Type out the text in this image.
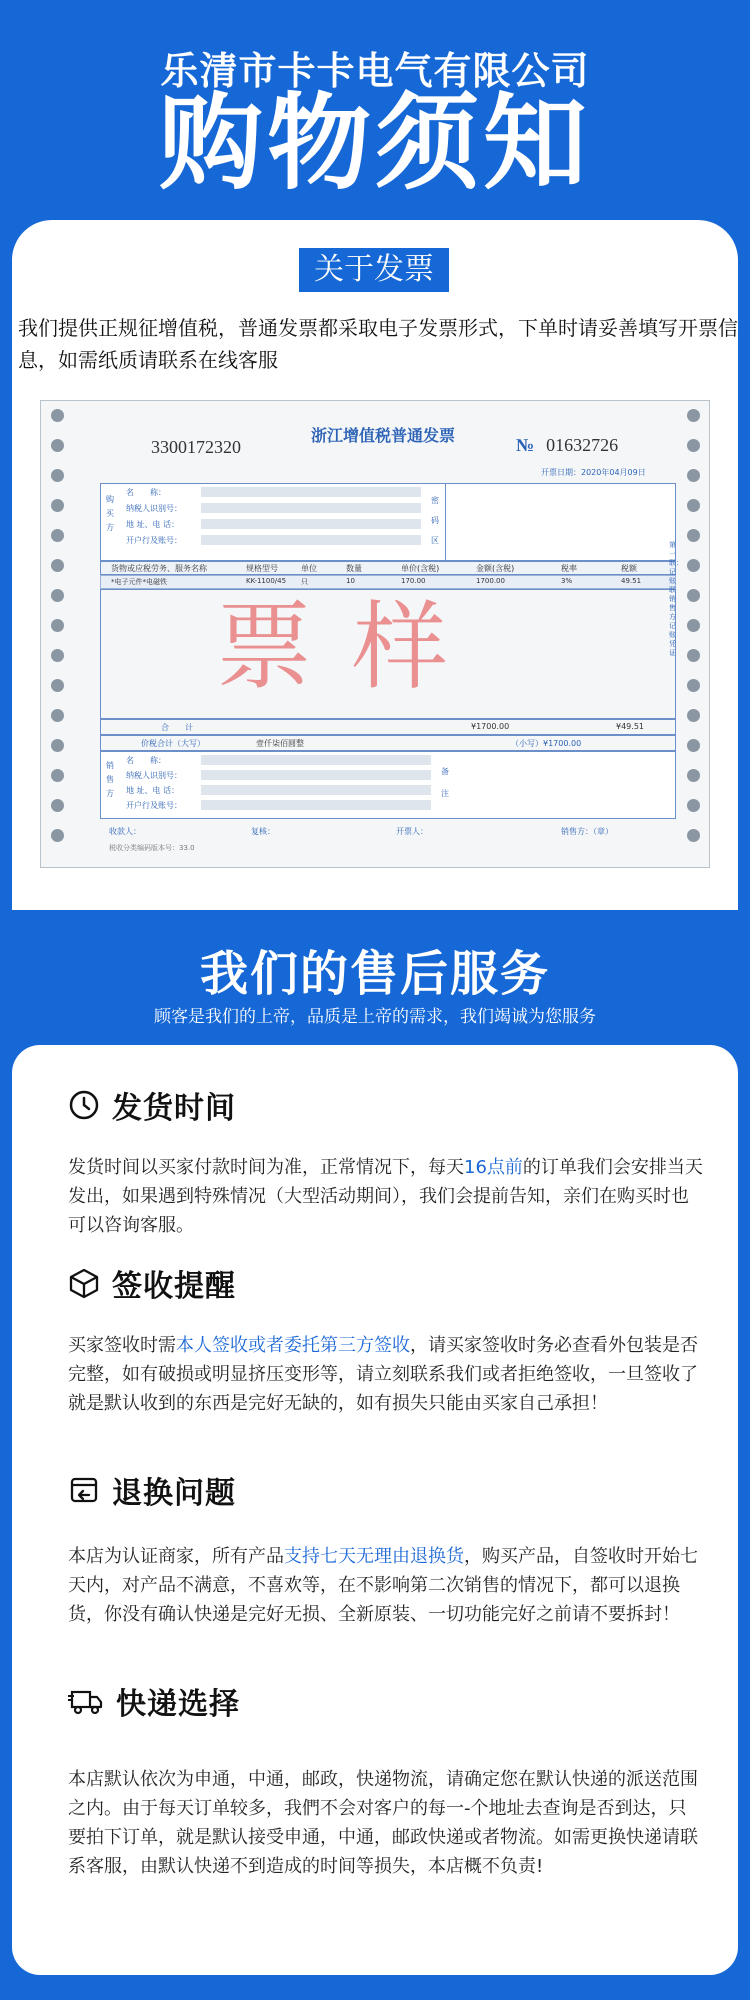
乐清市卡卡电气有限公司
购物须知
关于发票
我们提供正规征增值税，普通发票都采取电子发票形式，下单时请妥善填写开票信息，如需纸质请联系在线客服
3300172320
浙江增值税普通发票	№ 01632726
开票日期：2020年04月09日
购买方
名　　称：
纳税人识别号：
地 址、电 话：
开户行及账号：
密码区
货物或应税劳务、服务名称	规格型号	单位	数量	单价(含税)	金额(含税)	税率	税额
*电子元件*电磁铁	KK-1100/45 只	10	170.00	1700.00	3%	49.51
票样
合　　计	¥1700.00	¥49.51
价税合计（大写）	壹仟柒佰圆整	（小写）¥1700.00
销售方
名　　称：
纳税人识别号：
地 址、电 话：
开户行及账号：
备注
收款人：	复核：	开票人：	销售方：（章）
税收分类编码版本号：33.0
第一联：记账联 销售方记账凭证
我们的售后服务
顾客是我们的上帝，品质是上帝的需求，我们竭诚为您服务
发货时间
发货时间以买家付款时间为准，正常情况下，每天16点前的订单我们会安排当天发出，如果遇到特殊情况（大型活动期间），我们会提前告知，亲们在购买时也可以咨询客服。
签收提醒
买家签收时需本人签收或者委托第三方签收，请买家签收时务必查看外包装是否　 完整，如有破损或明显挤压变形等，请立刻联系我们或者拒绝签收，一旦签收了就是默认收到的东西是完好无缺的，如有损失只能由买家自己承担！
退换问题
本店为认证商家，所有产品支持七天无理由退换货，购买产品，自签收时开始七　天内，对产品不满意，不喜欢等，在不影响第二次销售的情况下，都可以退换　货，你没有确认快递是完好无损、全新原装、一切功能完好之前请不要拆封！
快递选择
本店默认依次为申通，中通，邮政，快递物流，请确定您在默认快递的派送范围之内。由于每天订单较多，我們不会对客户的每一-个地址去查询是否到达，只要拍下订单，就是默认接受申通，中通，邮政快递或者物流。如需更换快递请联系客服，由默认快递不到造成的时间等损失，本店概不负责!
